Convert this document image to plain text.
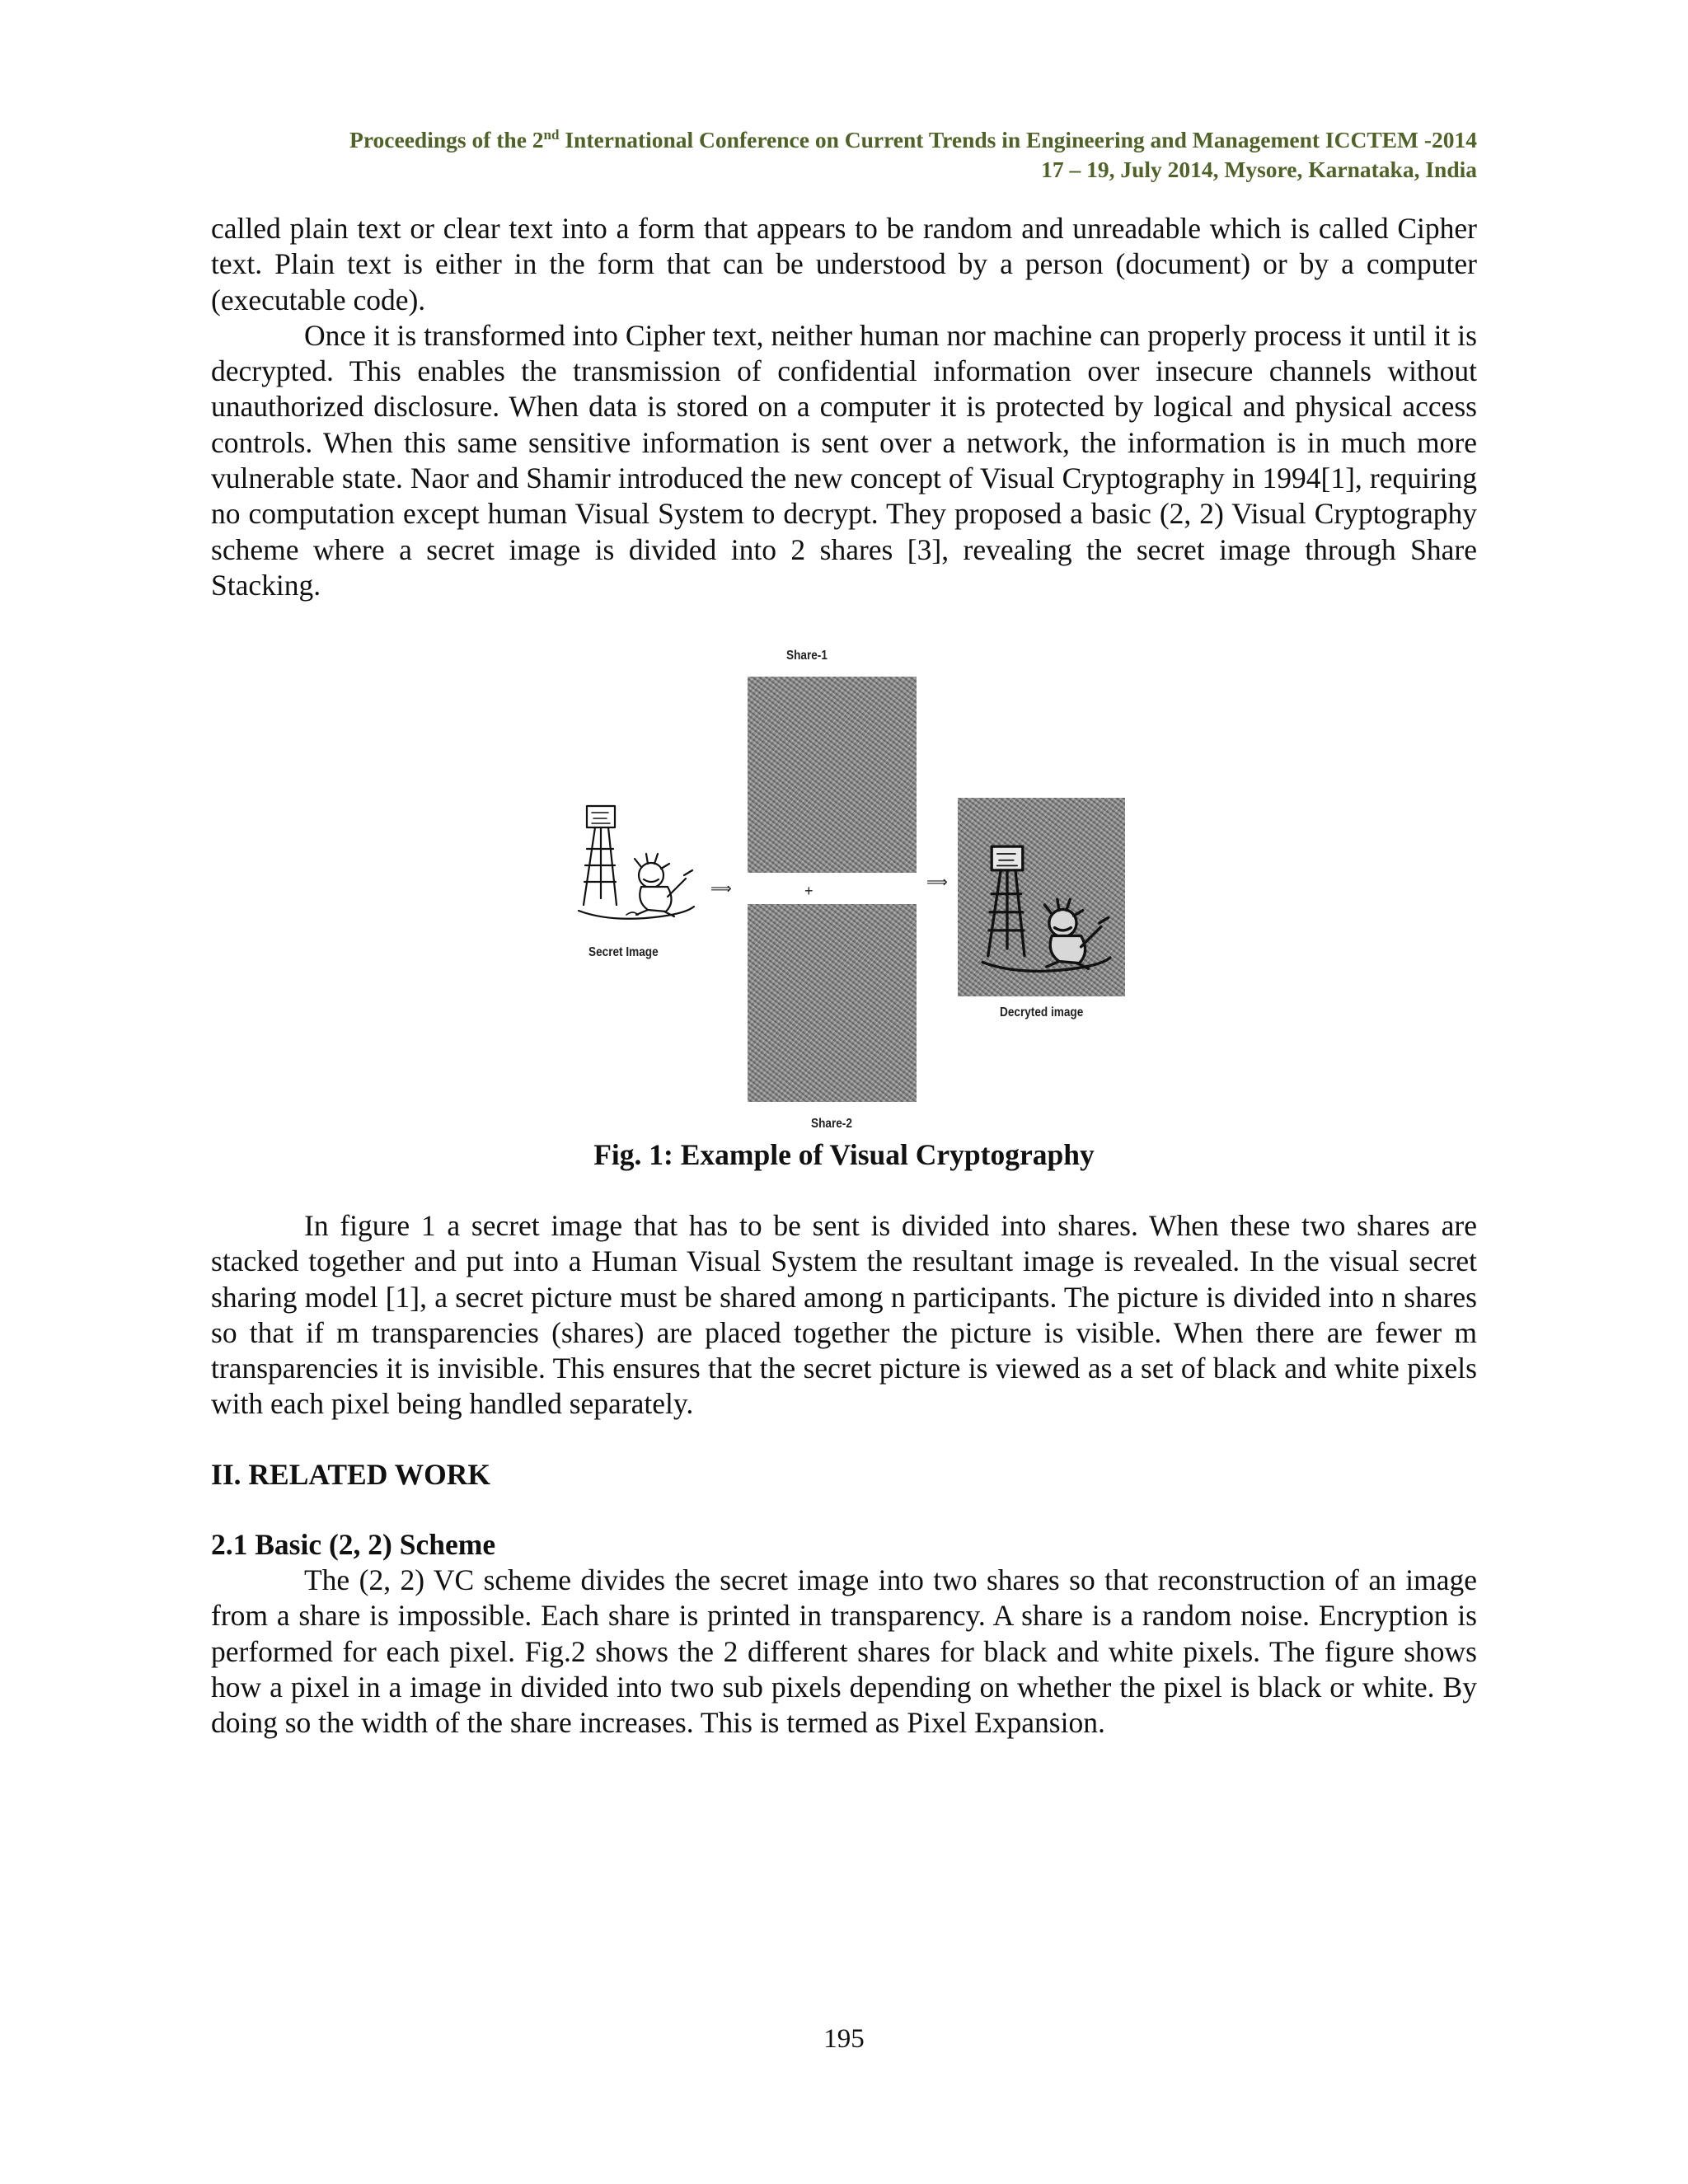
Proceedings of the 2nd International Conference on Current Trends in Engineering and Management ICCTEM -2014
17 – 19, July 2014, Mysore, Karnataka, India

called plain text or clear text into a form that appears to be random and unreadable which is called Cipher text. Plain text is either in the form that can be understood by a person (document) or by a computer (executable code).

Once it is transformed into Cipher text, neither human nor machine can properly process it until it is decrypted. This enables the transmission of confidential information over insecure channels without unauthorized disclosure. When data is stored on a computer it is protected by logical and physical access controls. When this same sensitive information is sent over a network, the information is in much more vulnerable state. Naor and Shamir introduced the new concept of Visual Cryptography in 1994[1], requiring no computation except human Visual System to decrypt. They proposed a basic (2, 2) Visual Cryptography scheme where a secret image is divided into 2 shares [3], revealing the secret image through Share Stacking.

Share-1
+
Share-2
Secret Image
⟹	⟹
Decryted image
Fig. 1: Example of Visual Cryptography

In figure 1 a secret image that has to be sent is divided into shares. When these two shares are stacked together and put into a Human Visual System the resultant image is revealed. In the visual secret sharing model [1], a secret picture must be shared among n participants. The picture is divided into n shares so that if m transparencies (shares) are placed together the picture is visible. When there are fewer m transparencies it is invisible. This ensures that the secret picture is viewed as a set of black and white pixels with each pixel being handled separately.

II. RELATED WORK
2.1 Basic (2, 2) Scheme

The (2, 2) VC scheme divides the secret image into two shares so that reconstruction of an image from a share is impossible. Each share is printed in transparency. A share is a random noise. Encryption is performed for each pixel. Fig.2 shows the 2 different shares for black and white pixels. The figure shows how a pixel in a image in divided into two sub pixels depending on whether the pixel is black or white. By doing so the width of the share increases. This is termed as Pixel Expansion.

195
